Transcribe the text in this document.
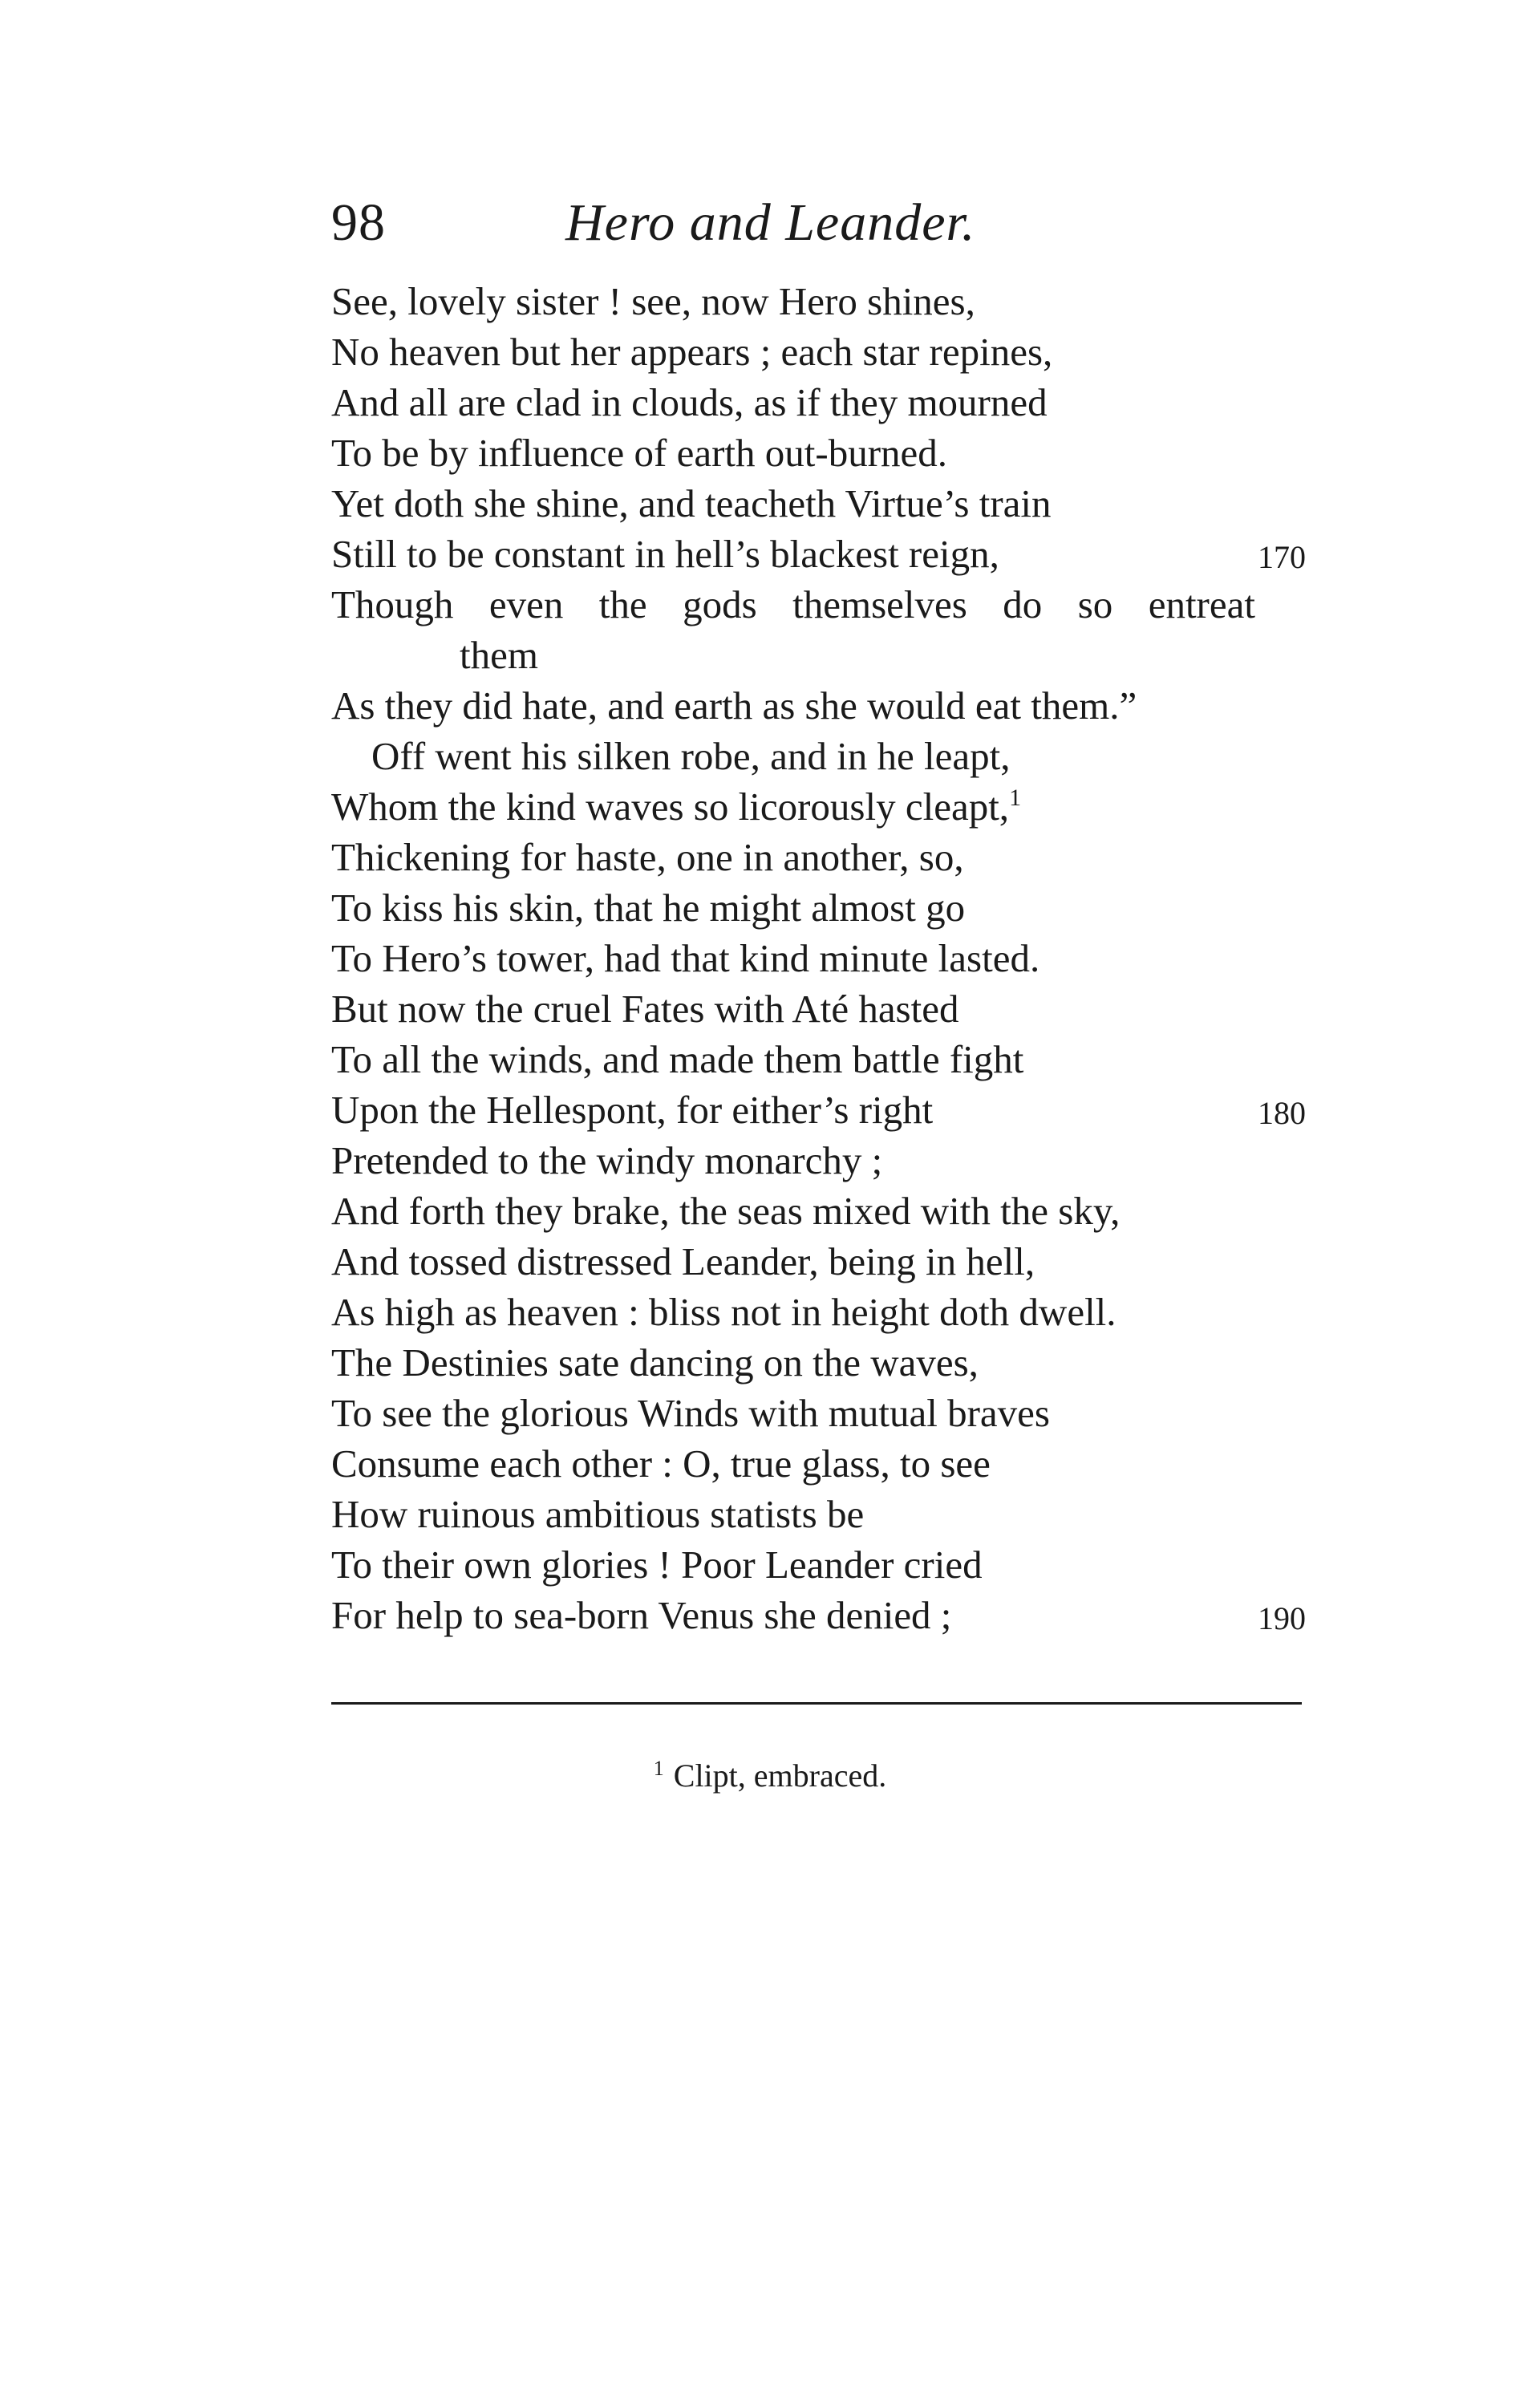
98	Hero and Leander.
See, lovely sister ! see, now Hero shines,
No heaven but her appears ; each star repines,
And all are clad in clouds, as if they mourned
To be by influence of earth out-burned.
Yet doth she shine, and teacheth Virtue’s train
Still to be constant in hell’s blackest reign,	170
Though even the gods themselves do so entreat
them
As they did hate, and earth as she would eat them.”
Off went his silken robe, and in he leapt,
Whom the kind waves so licorously cleapt,$^1$
Thickening for haste, one in another, so,
To kiss his skin, that he might almost go
To Hero’s tower, had that kind minute lasted.
But now the cruel Fates with Até hasted
To all the winds, and made them battle fight
Upon the Hellespont, for either’s right	180
Pretended to the windy monarchy ;
And forth they brake, the seas mixed with the sky,
And tossed distressed Leander, being in hell,
As high as heaven : bliss not in height doth dwell.
The Destinies sate dancing on the waves,
To see the glorious Winds with mutual braves
Consume each other : O, true glass, to see
How ruinous ambitious statists be
To their own glories ! Poor Leander cried
For help to sea-born Venus she denied ;	190
$^1$ Clipt, embraced.
